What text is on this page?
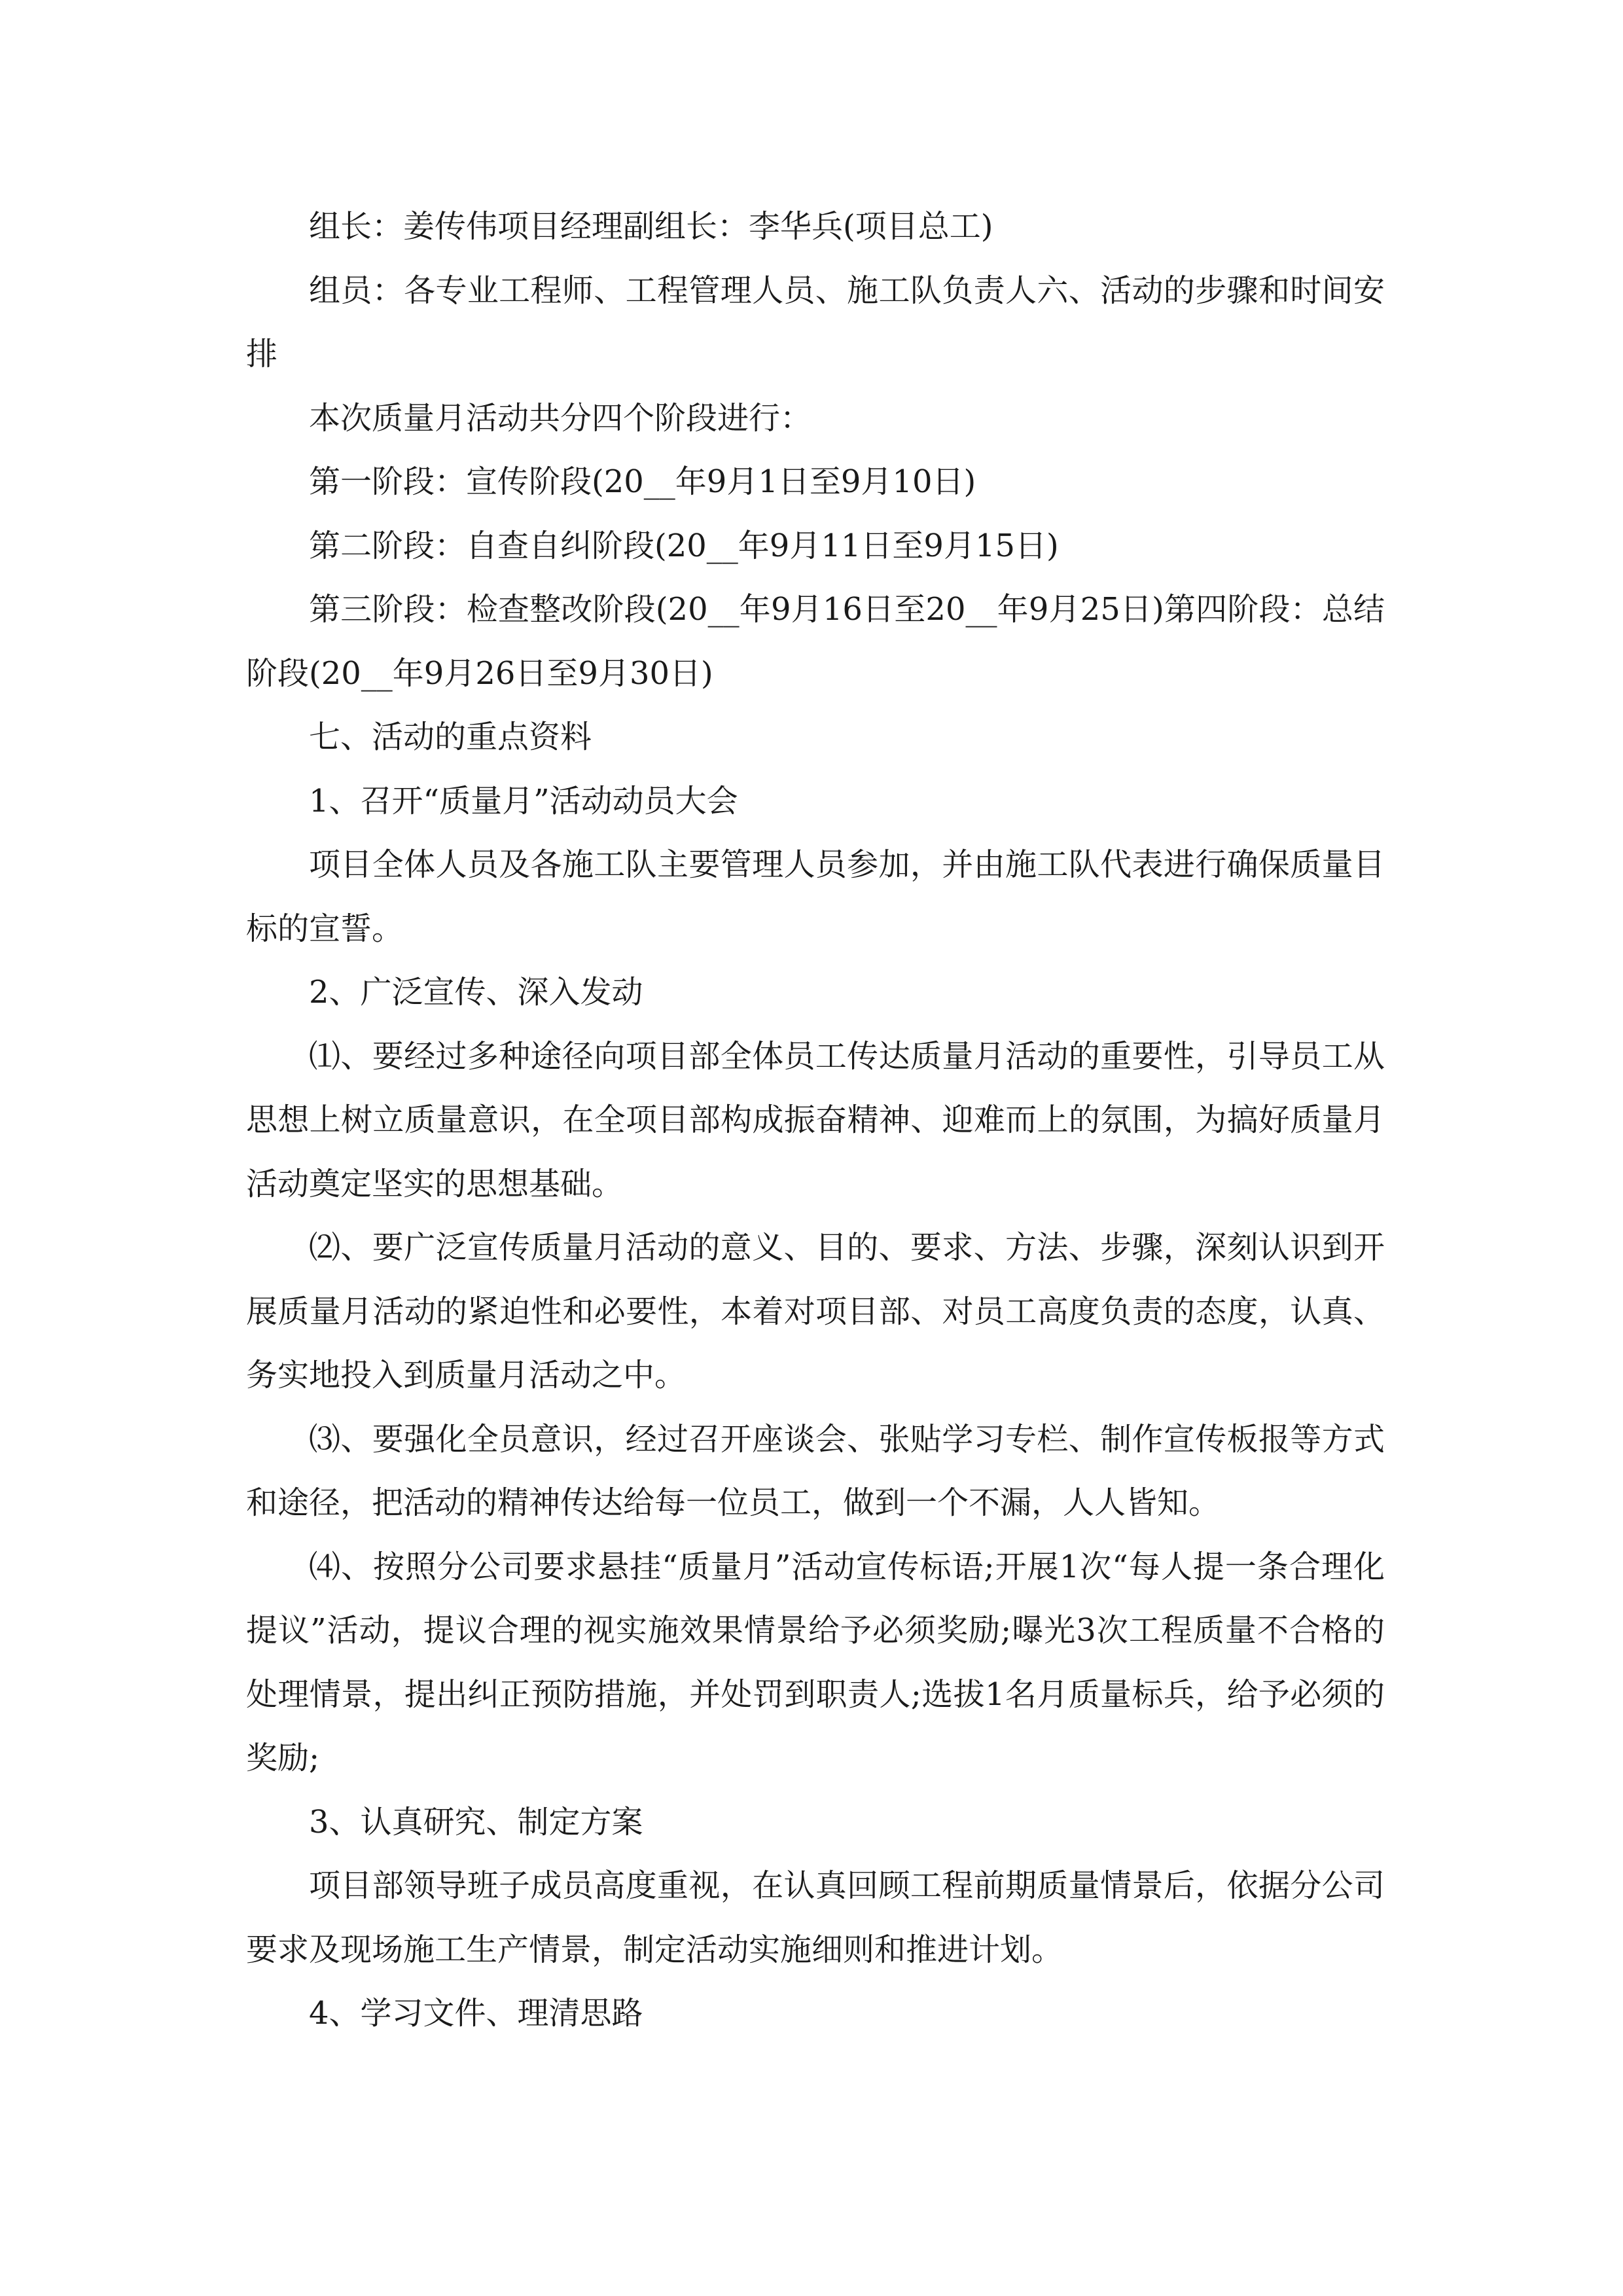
组长：姜传伟项目经理副组长：李华兵(项目总工)

组员：各专业工程师、工程管理人员、施工队负责人六、活动的步骤和时间安排

本次质量月活动共分四个阶段进行：

第一阶段：宣传阶段(20__年9月1日至9月10日)

第二阶段：自查自纠阶段(20__年9月11日至9月15日)

第三阶段：检查整改阶段(20__年9月16日至20__年9月25日)第四阶段：总结阶段(20__年9月26日至9月30日)

七、活动的重点资料

1、召开“质量月”活动动员大会

项目全体人员及各施工队主要管理人员参加，并由施工队代表进行确保质量目标的宣誓。

2、广泛宣传、深入发动

⑴、要经过多种途径向项目部全体员工传达质量月活动的重要性，引导员工从思想上树立质量意识，在全项目部构成振奋精神、迎难而上的氛围，为搞好质量月活动奠定坚实的思想基础。

⑵、要广泛宣传质量月活动的意义、目的、要求、方法、步骤，深刻认识到开展质量月活动的紧迫性和必要性，本着对项目部、对员工高度负责的态度，认真、务实地投入到质量月活动之中。

⑶、要强化全员意识，经过召开座谈会、张贴学习专栏、制作宣传板报等方式和途径，把活动的精神传达给每一位员工，做到一个不漏，人人皆知。

⑷、按照分公司要求悬挂“质量月”活动宣传标语;开展1次“每人提一条合理化提议”活动，提议合理的视实施效果情景给予必须奖励;曝光3次工程质量不合格的处理情景，提出纠正预防措施，并处罚到职责人;选拔1名月质量标兵，给予必须的奖励;

3、认真研究、制定方案

项目部领导班子成员高度重视，在认真回顾工程前期质量情景后，依据分公司要求及现场施工生产情景，制定活动实施细则和推进计划。

4、学习文件、理清思路
